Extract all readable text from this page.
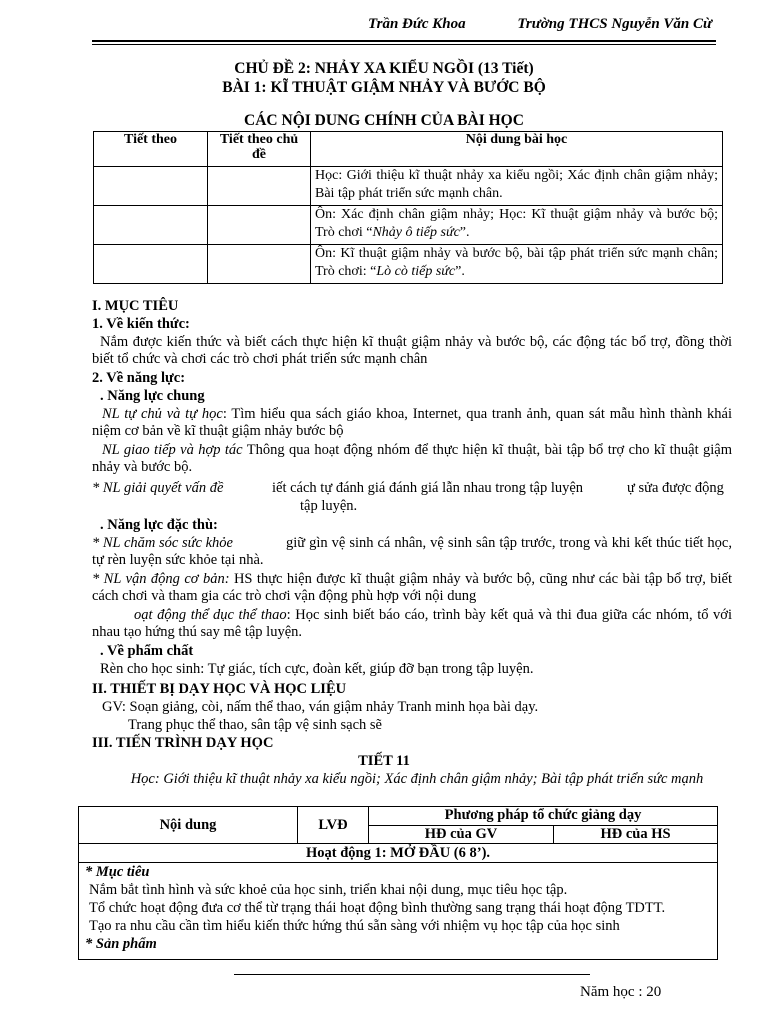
Trần Đức Khoa	Trường THCS Nguyễn Văn Cừ
CHỦ ĐỀ 2: NHẢY XA KIỂU NGỒI (13 Tiết)
BÀI 1: KĨ THUẬT GIẬM NHẢY VÀ BƯỚC BỘ
CÁC NỘI DUNG CHÍNH CỦA BÀI HỌC
Tiết theo	Tiết theo chủ đề	Nội dung bài học
		Học: Giới thiệu kĩ thuật nhảy xa kiểu ngồi; Xác định chân giậm nhảy; Bài tập phát triển sức mạnh chân.
		Ôn: Xác định chân giậm nhảy; Học: Kĩ thuật giậm nhảy và bước bộ; Trò chơi “Nhảy ô tiếp sức”.
		Ôn: Kĩ thuật giậm nhảy và bước bộ, bài tập phát triển sức mạnh chân; Trò chơi: “Lò cò tiếp sức”.
I. MỤC TIÊU
1. Về kiến thức:
Nắm được kiến thức và biết cách thực hiện kĩ thuật giậm nhảy và bước bộ, các động tác bổ trợ, đồng thời biết tổ chức và chơi các trò chơi phát triển sức mạnh chân
2. Về năng lực:
. Năng lực chung
NL tự chủ và tự học: Tìm hiểu qua sách giáo khoa, Internet, qua tranh ảnh, quan sát mẫu hình thành khái niệm cơ bản về kĩ thuật giậm nhảy bước bộ
NL giao tiếp và hợp tác Thông qua hoạt động nhóm để thực hiện kĩ thuật, bài tập bổ trợ cho kĩ thuật giậm nhảy và bước bộ.
* NL giải quyết vấn đề	iết cách tự đánh giá đánh giá lẫn nhau trong tập luyện	ự sửa được động
tập luyện.
. Năng lực đặc thù:
* NL chăm sóc sức khỏe	giữ gìn vệ sinh cá nhân, vệ sinh sân tập trước, trong và khi kết thúc tiết học, tự rèn luyện sức khỏe tại nhà.
* NL vận động cơ bản: HS thực hiện được kĩ thuật giậm nhảy và bước bộ, cũng như các bài tập bổ trợ, biết cách chơi và tham gia các trò chơi vận động phù hợp với nội dung
oạt động thể dục thể thao: Học sinh biết báo cáo, trình bày kết quả và thi đua giữa các nhóm, tổ với nhau tạo hứng thú say mê tập luyện.
. Về phẩm chất
Rèn cho học sinh: Tự giác, tích cực, đoàn kết, giúp đỡ bạn trong tập luyện.
II. THIẾT BỊ DẠY HỌC VÀ HỌC LIỆU
GV: Soạn giảng, còi, nấm thể thao, ván giậm nhảy Tranh minh họa bài dạy.
Trang phục thể thao, sân tập vệ sinh sạch sẽ
III. TIẾN TRÌNH DẠY HỌC
TIẾT 11
Học: Giới thiệu kĩ thuật nhảy xa kiểu ngồi; Xác định chân giậm nhảy; Bài tập phát triển sức mạnh
Nội dung	LVĐ	Phương pháp tổ chức giảng dạy	
		HĐ của GV	HĐ của HS
Hoạt động 1: MỞ ĐẦU (6 8’).			

* Mục tiêu
Nắm bắt tình hình và sức khoẻ của học sinh, triển khai nội dung, mục tiêu học tập.
Tổ chức hoạt động đưa cơ thể từ trạng thái hoạt động bình thường sang trạng thái hoạt động TDTT.
Tạo ra nhu cầu cần tìm hiểu kiến thức hứng thú sẵn sàng với nhiệm vụ học tập của học sinh
* Sản phẩm			
Năm học : 20
